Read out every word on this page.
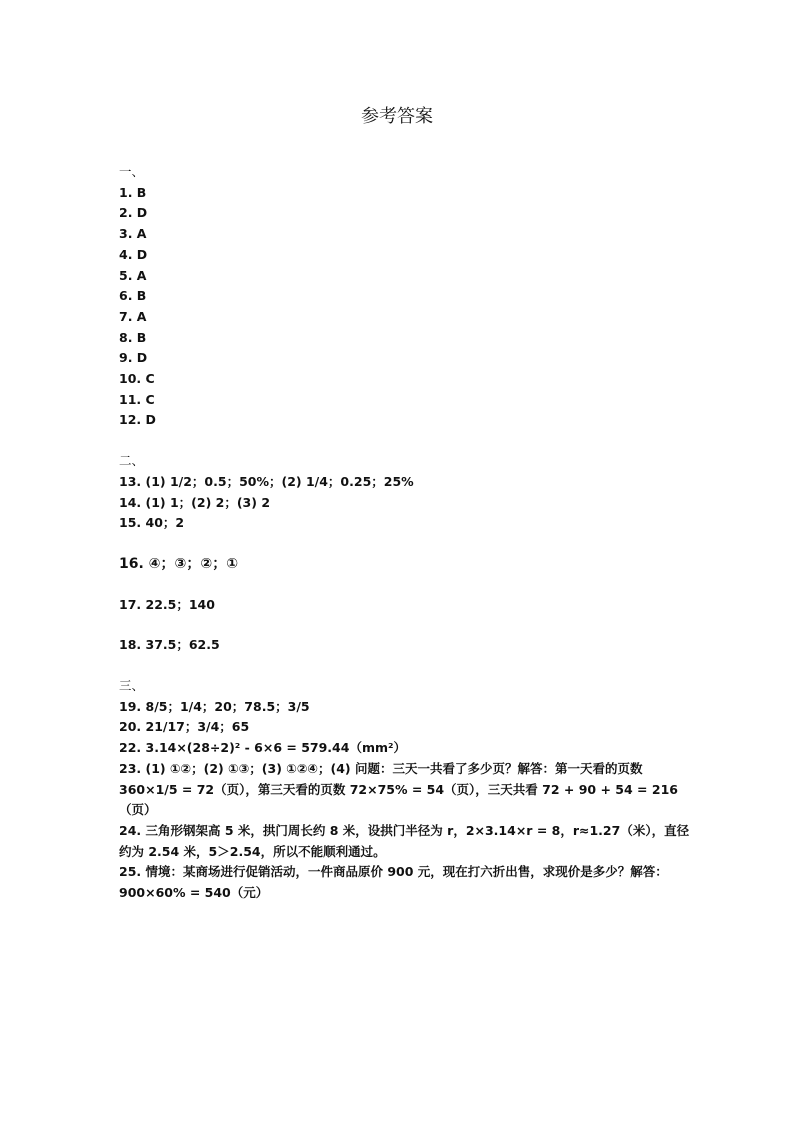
参考答案
一、
1. B
2. D
3. A
4. D
5. A
6. B
7. A
8. B
9. D
10. C
11. C
12. D
二、
13. (1) 1/2；0.5；50%；(2) 1/4；0.25；25%
14. (1) 1；(2) 2；(3) 2
15. 40；2
16. ④；③；②；①
17. 22.5；140
18. 37.5；62.5
三、
19. 8/5；1/4；20；78.5；3/5
20. 21/17；3/4；65
22. 3.14×(28÷2)² - 6×6 = 579.44（mm²）
23. (1) ①②；(2) ①③；(3) ①②④；(4) 问题：三天一共看了多少页？解答：第一天看的页数 360×1/5 = 72（页），第三天看的页数 72×75% = 54（页），三天共看 72 + 90 + 54 = 216（页）
24. 三角形钢架高 5 米，拱门周长约 8 米，设拱门半径为 r，2×3.14×r = 8，r≈1.27（米），直径约为 2.54 米，5＞2.54，所以不能顺利通过。
25. 情境：某商场进行促销活动，一件商品原价 900 元，现在打六折出售，求现价是多少？解答：900×60% = 540（元）
